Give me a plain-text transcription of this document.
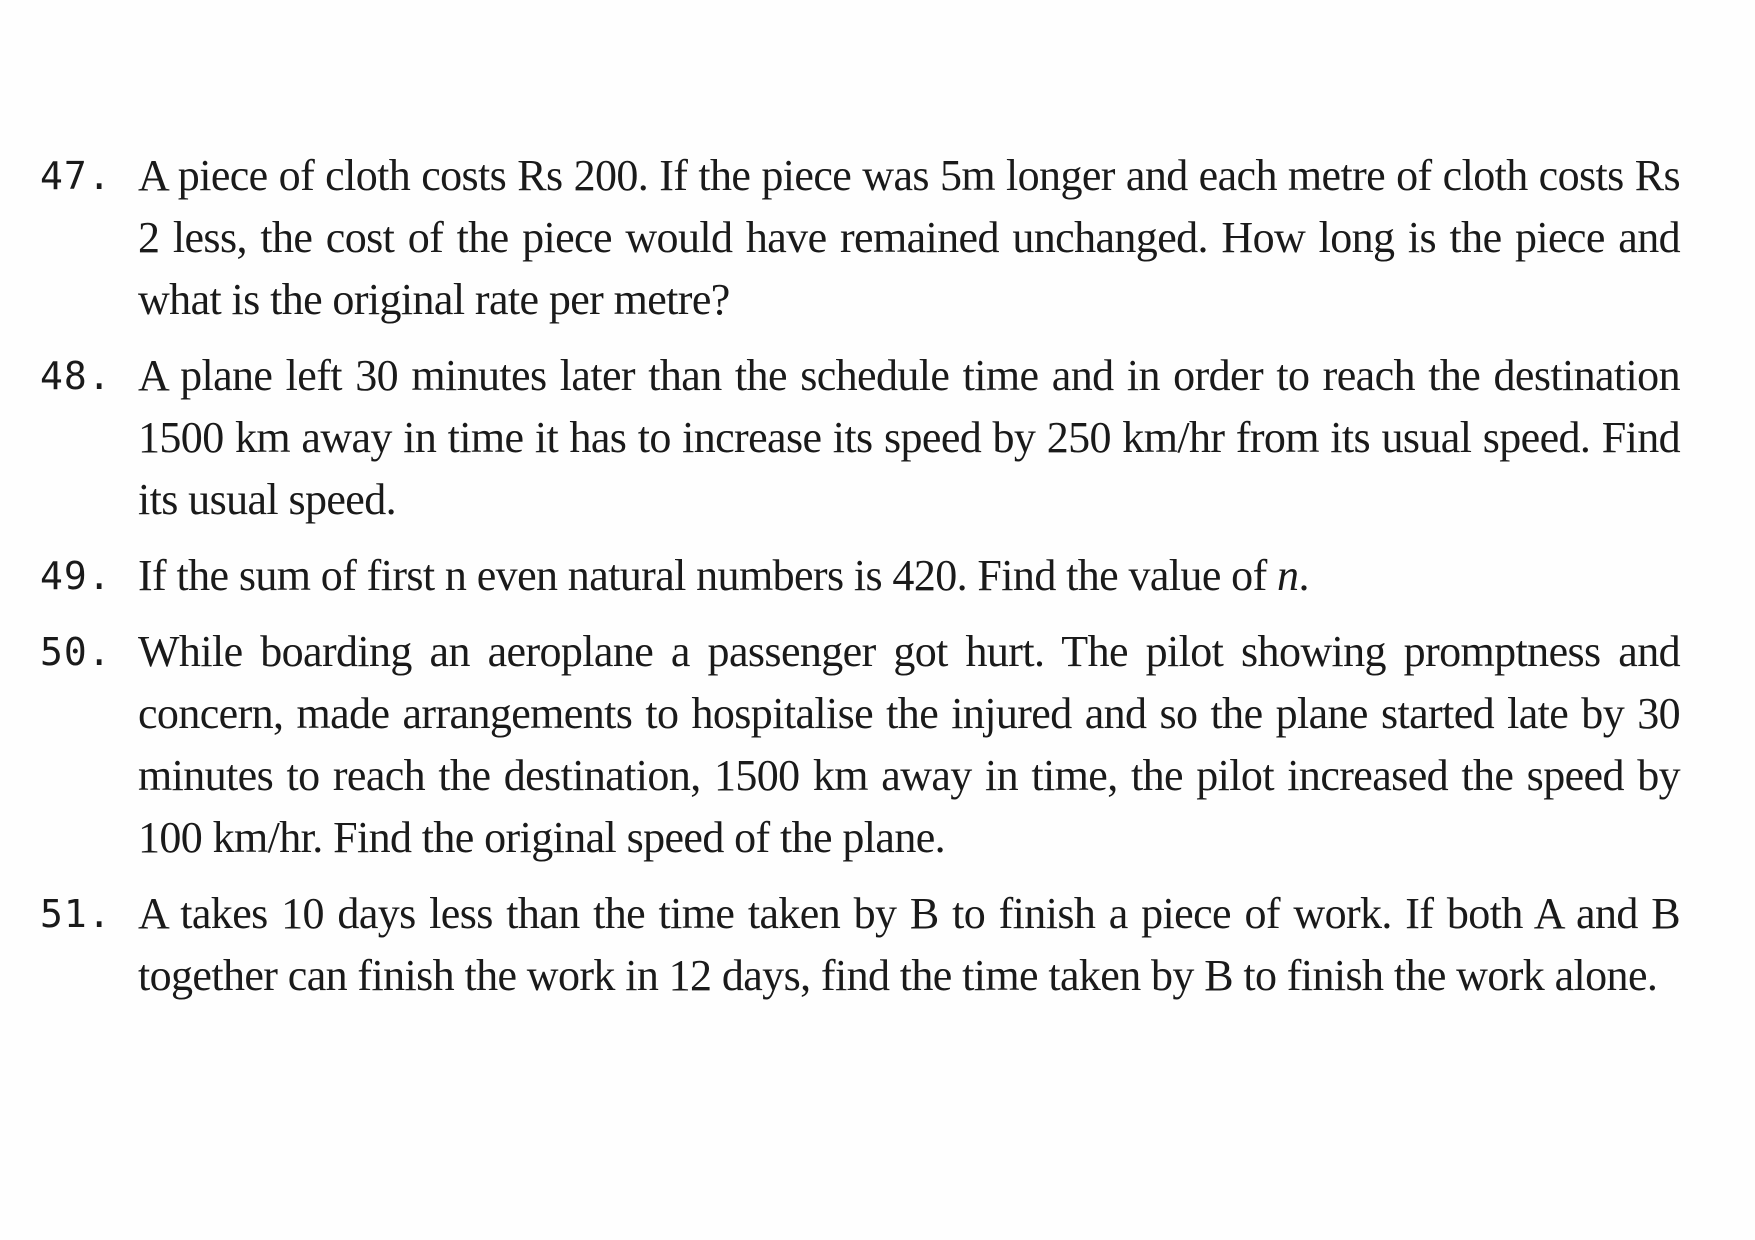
47. A piece of cloth costs Rs 200. If the piece was 5m longer and each metre of cloth costs Rs 2 less, the cost of the piece would have remained unchanged. How long is the piece and what is the original rate per metre?
48. A plane left 30 minutes later than the schedule time and in order to reach the destination 1500 km away in time it has to increase its speed by 250 km/hr from its usual speed. Find its usual speed.
49. If the sum of first n even natural numbers is 420. Find the value of n.
50. While boarding an aeroplane a passenger got hurt. The pilot showing promptness and concern, made arrangements to hospitalise the injured and so the plane started late by 30 minutes to reach the destination, 1500 km away in time, the pilot increased the speed by 100 km/hr. Find the original speed of the plane.
51. A takes 10 days less than the time taken by B to finish a piece of work. If both A and B together can finish the work in 12 days, find the time taken by B to finish the work alone.
